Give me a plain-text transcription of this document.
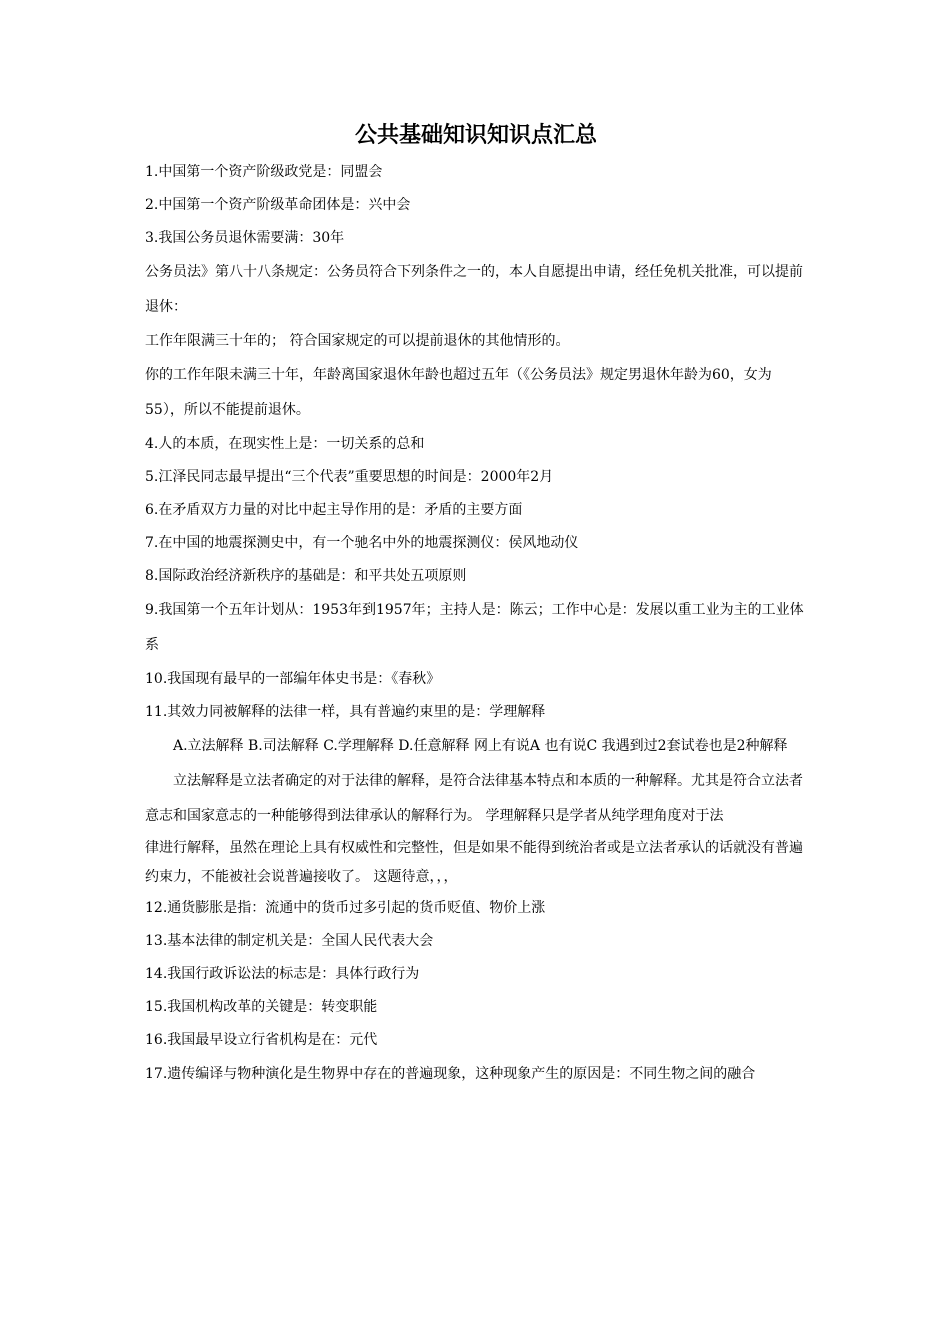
公共基础知识知识点汇总

1.中国第一个资产阶级政党是：同盟会

2.中国第一个资产阶级革命团体是：兴中会

3.我国公务员退休需要满：30年

公务员法》第八十八条规定：公务员符合下列条件之一的，本人自愿提出申请，经任免机关批准，可以提前退休：

工作年限满三十年的； 符合国家规定的可以提前退休的其他情形的。

你的工作年限未满三十年，年龄离国家退休年龄也超过五年（《公务员法》规定男退休年龄为60，女为55），所以不能提前退休。

4.人的本质，在现实性上是：一切关系的总和

5.江泽民同志最早提出“三个代表”重要思想的时间是：2000年2月

6.在矛盾双方力量的对比中起主导作用的是：矛盾的主要方面

7.在中国的地震探测史中，有一个驰名中外的地震探测仪：侯风地动仪

8.国际政治经济新秩序的基础是：和平共处五项原则

9.我国第一个五年计划从：1953年到1957年；主持人是：陈云；工作中心是：发展以重工业为主的工业体系

10.我国现有最早的一部编年体史书是：《春秋》

11.其效力同被解释的法律一样，具有普遍约束里的是：学理解释

A.立法解释 B.司法解释 C.学理解释 D.任意解释 网上有说A 也有说C 我遇到过2套试卷也是2种解释

立法解释是立法者确定的对于法律的解释，是符合法律基本特点和本质的一种解释。尤其是符合立法者意志和国家意志的一种能够得到法律承认的解释行为。 学理解释只是学者从纯学理角度对于法

律进行解释，虽然在理论上具有权威性和完整性，但是如果不能得到统治者或是立法者承认的话就没有普遍约束力，不能被社会说普遍接收了。 这题待意，，，

12.通货膨胀是指：流通中的货币过多引起的货币贬值、物价上涨

13.基本法律的制定机关是：全国人民代表大会

14.我国行政诉讼法的标志是：具体行政行为

15.我国机构改革的关键是：转变职能

16.我国最早设立行省机构是在：元代

17.遗传编译与物种演化是生物界中存在的普遍现象，这种现象产生的原因是：不同生物之间的融合
